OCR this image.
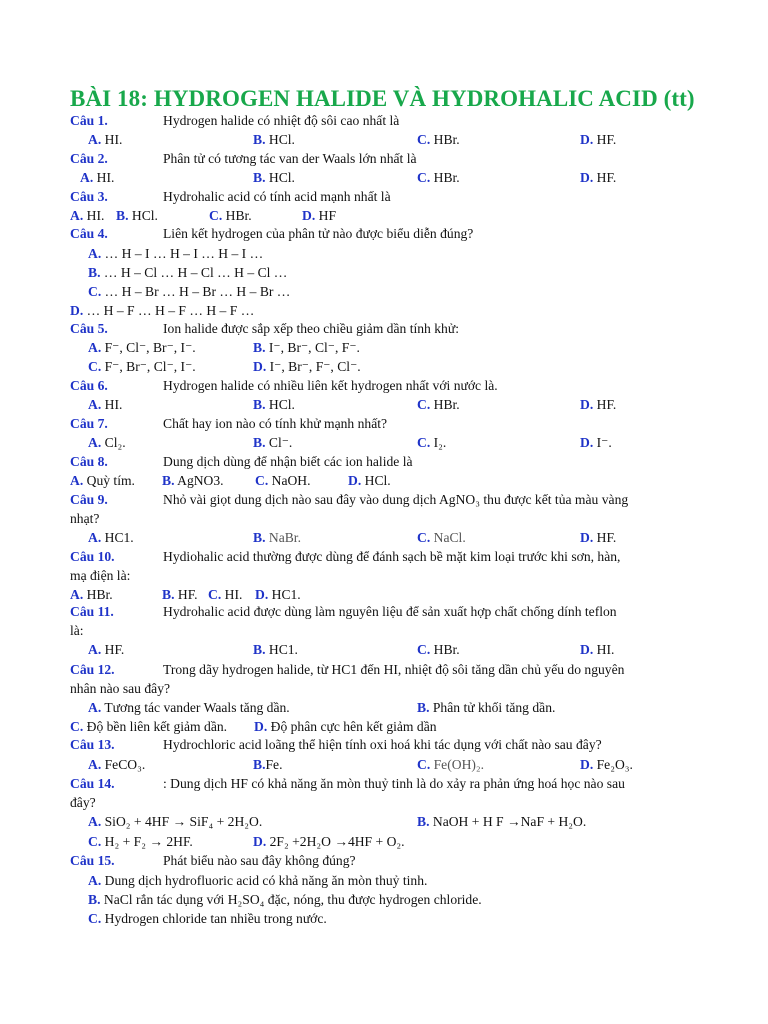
BÀI 18: HYDROGEN HALIDE VÀ HYDROHALIC ACID (tt)
Câu 1.	Hydrogen halide có nhiệt độ sôi cao nhất là
A. HI.	B. HCl.	C. HBr.	D. HF.
Câu 2.	Phân tử có tương tác van der Waals lớn nhất là
A. HI.	B. HCl.	C. HBr.	D. HF.
Câu 3.	Hydrohalic acid có tính acid mạnh nhất là
A. HI. B. HCl.	C. HBr.	D. HF
Câu 4.	Liên kết hydrogen của phân tử nào được biểu diễn đúng?
A. … H – I … H – I … H – I …
B. … H – Cl … H – Cl … H – Cl …
C. … H – Br … H – Br … H – Br …
D. … H – F … H – F … H – F …
Câu 5.	Ion halide được sắp xếp theo chiều giảm dần tính khử:
A. F⁻, Cl⁻, Br⁻, I⁻.	B. I⁻, Br⁻, Cl⁻, F⁻.
C. F⁻, Br⁻, Cl⁻, I⁻.	D. I⁻, Br⁻, F⁻, Cl⁻.
Câu 6.	Hydrogen halide có nhiều liên kết hydrogen nhất với nước là.
A. HI.	B. HCl.	C. HBr.	D. HF.
Câu 7.	Chất hay ion nào có tính khử mạnh nhất?
A. Cl₂.	B. Cl⁻.	C. I₂.	D. I⁻.
Câu 8.	Dung dịch dùng để nhận biết các ion halide là
A. Quỳ tím. B. AgNO3. C. NaOH.	D. HCl.
Câu 9.	Nhỏ vài giọt dung dịch nào sau đây vào dung dịch AgNO₃ thu được kết tủa màu vàng
nhạt?
A. HC1.	B. NaBr.	C. NaCl.	D. HF.
Câu 10.	Hydiohalic acid thường được dùng để đánh sạch bề mặt kim loại trước khi sơn, hàn,
mạ điện là:
A. HBr.	B. HF. C. HI. D. HC1.
Câu 11.	Hydrohalic acid được dùng làm nguyên liệu để sản xuất hợp chất chống dính teflon
là:
A. HF.	B. HC1.	C. HBr.	D. HI.
Câu 12.	Trong dãy hydrogen halide, từ HC1 đến HI, nhiệt độ sôi tăng dần chủ yếu do nguyên
nhân nào sau đây?
A. Tương tác vander Waals tăng dần.	B. Phân tử khối tăng dần.
C. Độ bền liên kết giảm dần. D. Độ phân cực hên kết giảm dần
Câu 13.	Hydrochloric acid loãng thể hiện tính oxi hoá khi tác dụng với chất nào sau đây?
A. FeCO₃.	B.Fe.	C. Fe(OH)₂.	D. Fe₂O₃.
Câu 14.	: Dung dịch HF có khả năng ăn mòn thuỷ tinh là do xảy ra phản ứng hoá học nào sau
đây?
A. SiO₂ + 4HF → SiF₄ + 2H₂O.	B. NaOH + H F →NaF + H₂O.
C. H₂ + F₂ → 2HF.	D. 2F₂ +2H₂O →4HF + O₂.
Câu 15.	Phát biểu nào sau đây không đúng?
A. Dung dịch hydrofluoric acid có khả năng ăn mòn thuỷ tinh.
B. NaCl rắn tác dụng với H₂SO₄ đặc, nóng, thu được hydrogen chloride.
C. Hydrogen chloride tan nhiều trong nước.
